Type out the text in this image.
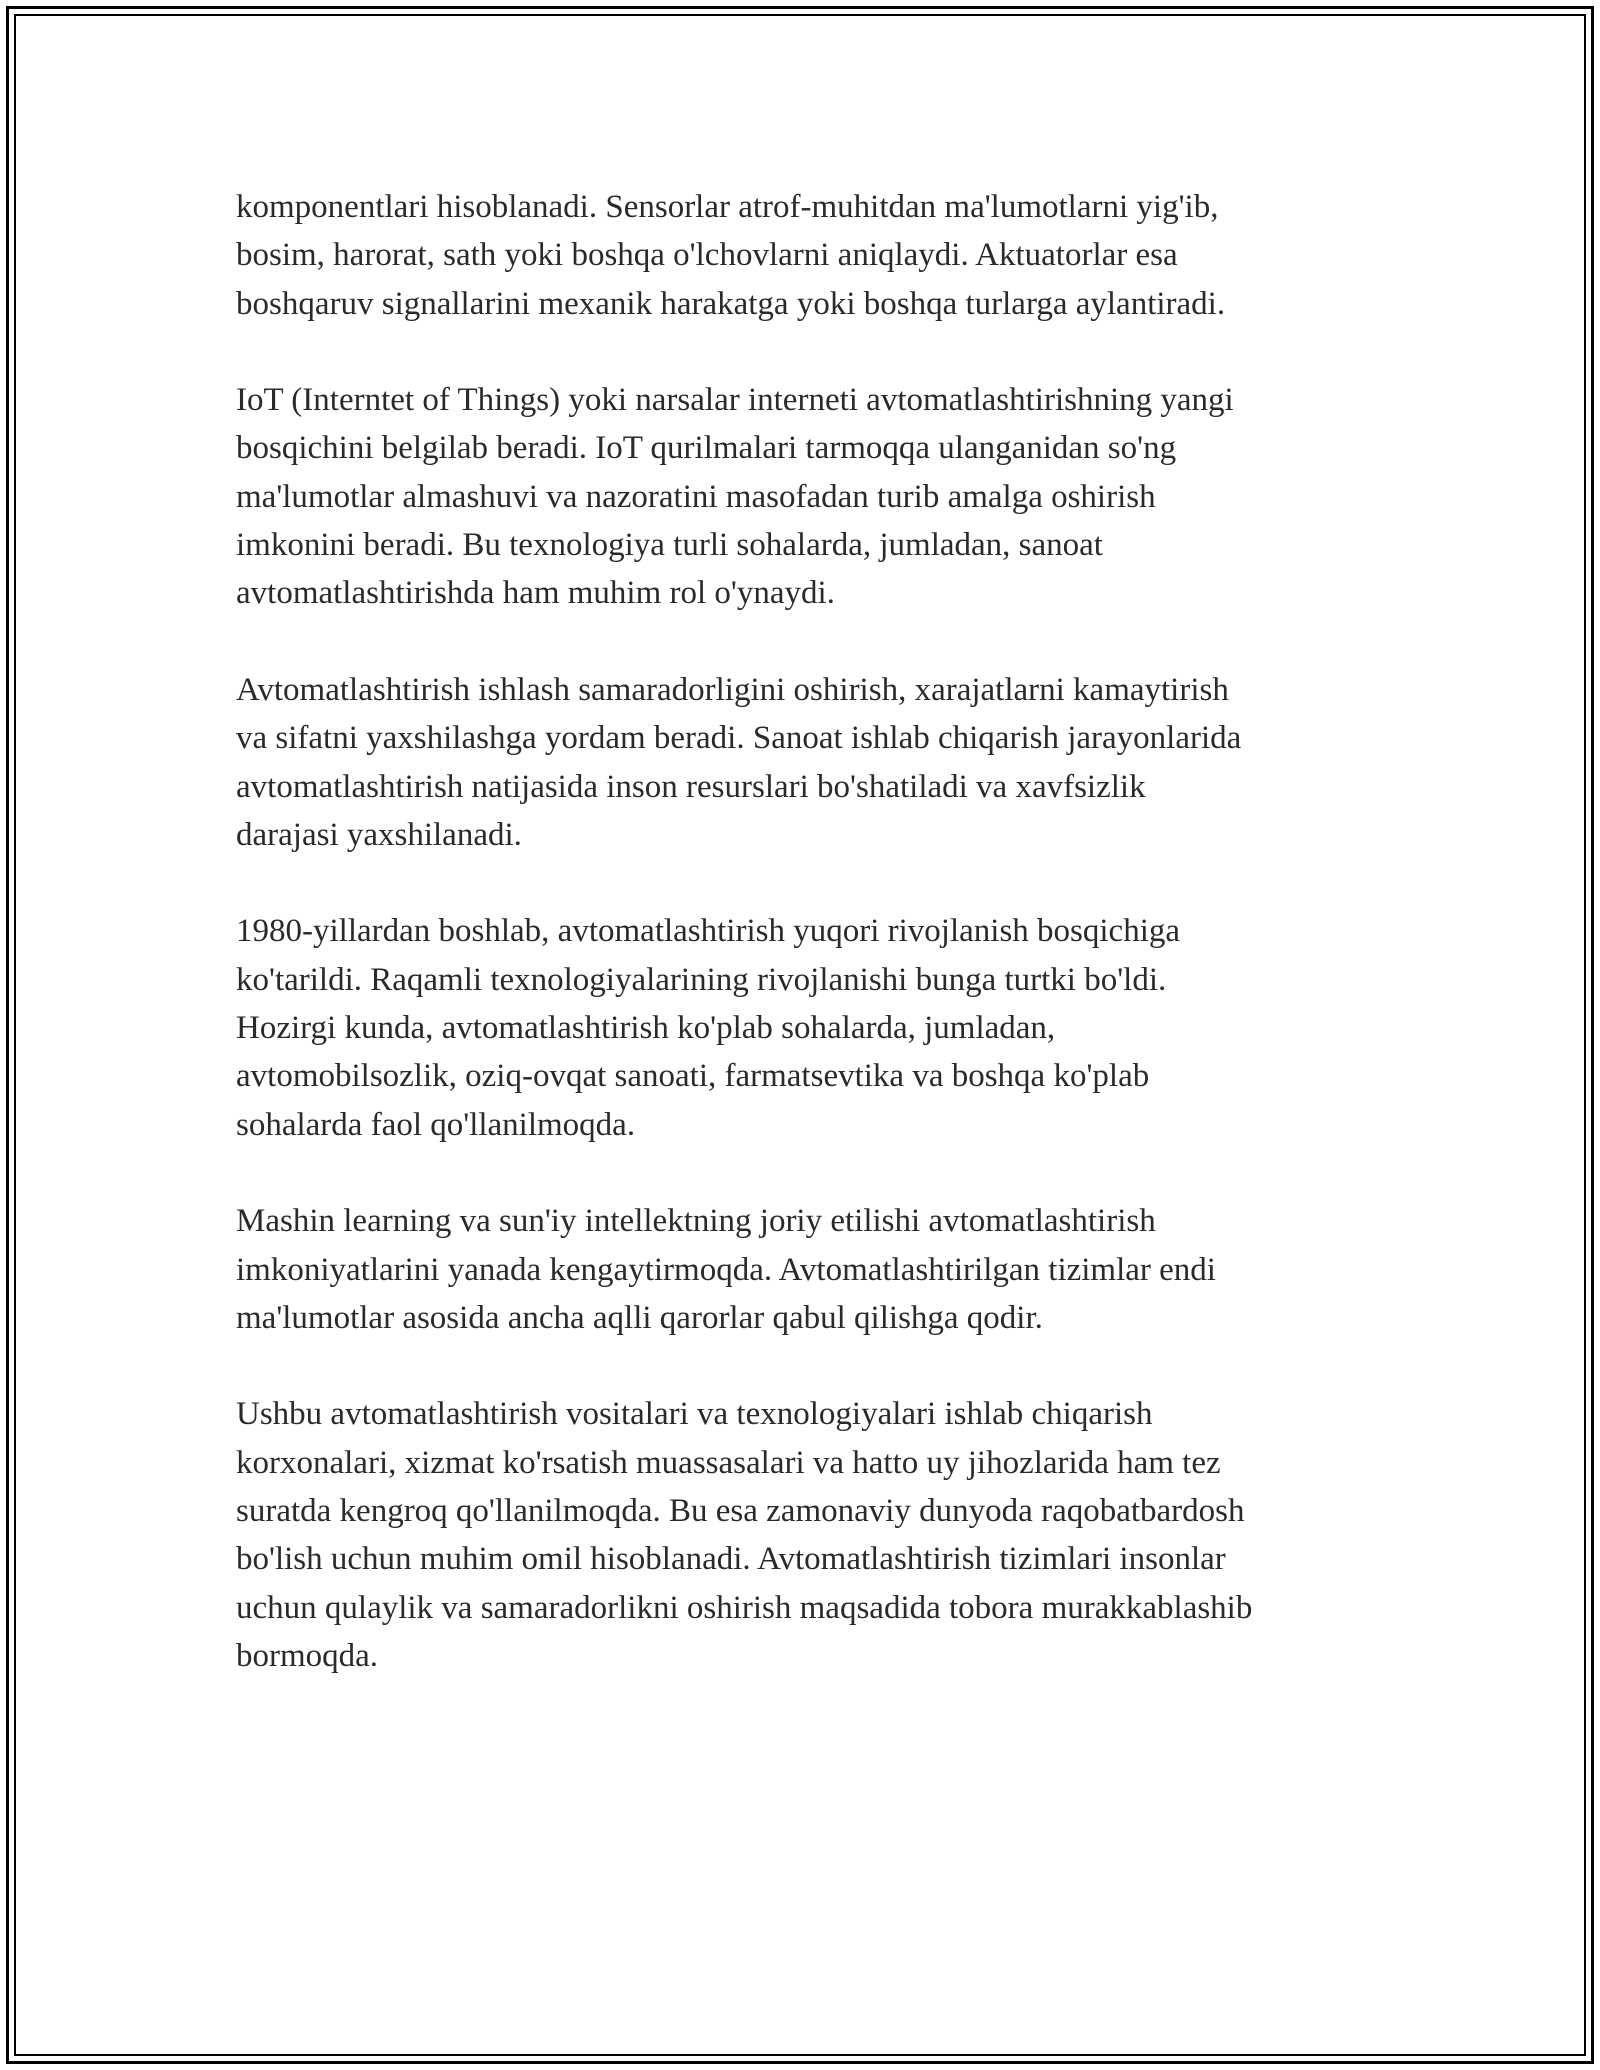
komponentlari hisoblanadi. Sensorlar atrof-muhitdan ma'lumotlarni yig'ib,
bosim, harorat, sath yoki boshqa o'lchovlarni aniqlaydi. Aktuatorlar esa
boshqaruv signallarini mexanik harakatga yoki boshqa turlarga aylantiradi.

IoT (Interntet of Things) yoki narsalar interneti avtomatlashtirishning yangi
bosqichini belgilab beradi. IoT qurilmalari tarmoqqa ulanganidan so'ng
ma'lumotlar almashuvi va nazoratini masofadan turib amalga oshirish
imkonini beradi. Bu texnologiya turli sohalarda, jumladan, sanoat
avtomatlashtirishda ham muhim rol o'ynaydi.

Avtomatlashtirish ishlash samaradorligini oshirish, xarajatlarni kamaytirish
va sifatni yaxshilashga yordam beradi. Sanoat ishlab chiqarish jarayonlarida
avtomatlashtirish natijasida inson resurslari bo'shatiladi va xavfsizlik
darajasi yaxshilanadi.

1980-yillardan boshlab, avtomatlashtirish yuqori rivojlanish bosqichiga
ko'tarildi. Raqamli texnologiyalarining rivojlanishi bunga turtki bo'ldi.
Hozirgi kunda, avtomatlashtirish ko'plab sohalarda, jumladan,
avtomobilsozlik, oziq-ovqat sanoati, farmatsevtika va boshqa ko'plab
sohalarda faol qo'llanilmoqda.

Mashin learning va sun'iy intellektning joriy etilishi avtomatlashtirish
imkoniyatlarini yanada kengaytirmoqda. Avtomatlashtirilgan tizimlar endi
ma'lumotlar asosida ancha aqlli qarorlar qabul qilishga qodir.

Ushbu avtomatlashtirish vositalari va texnologiyalari ishlab chiqarish
korxonalari, xizmat ko'rsatish muassasalari va hatto uy jihozlarida ham tez
suratda kengroq qo'llanilmoqda. Bu esa zamonaviy dunyoda raqobatbardosh
bo'lish uchun muhim omil hisoblanadi. Avtomatlashtirish tizimlari insonlar
uchun qulaylik va samaradorlikni oshirish maqsadida tobora murakkablashib
bormoqda.
